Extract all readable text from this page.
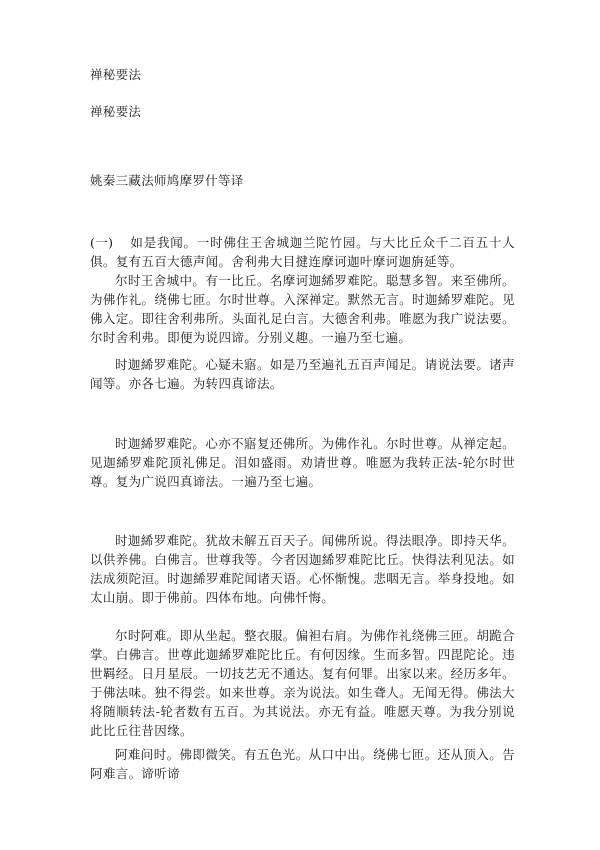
禅秘要法
禅秘要法
姚秦三藏法师鸠摩罗什等译

(一) 如是我闻。一时佛住王舍城迦兰陀竹园。与大比丘众千二百五十人俱。复有五百大德声闻。舍利弗大目揵连摩诃迦叶摩诃迦旃延等。

尔时王舍城中。有一比丘。名摩诃迦絺罗难陀。聪慧多智。来至佛所。为佛作礼。绕佛七匝。尔时世尊。入深禅定。默然无言。时迦絺罗难陀。见佛入定。即往舍利弗所。头面礼足白言。大德舍利弗。唯愿为我广说法要。尔时舍利弗。即便为说四谛。分别义趣。一遍乃至七遍。

时迦絺罗难陀。心疑未寤。如是乃至遍礼五百声闻足。请说法要。诸声闻等。亦各七遍。为转四真谛法。

时迦絺罗难陀。心亦不寤复还佛所。为佛作礼。尔时世尊。从禅定起。见迦絺罗难陀顶礼佛足。泪如盛雨。劝请世尊。唯愿为我转正法-轮尔时世尊。复为广说四真谛法。一遍乃至七遍。

时迦絺罗难陀。犹故未解五百天子。闻佛所说。得法眼净。即持天华。以供养佛。白佛言。世尊我等。今者因迦絺罗难陀比丘。快得法利见法。如法成须陀洹。时迦絺罗难陀闻诸天语。心怀惭愧。悲咽无言。举身投地。如太山崩。即于佛前。四体布地。向佛忏悔。

尔时阿难。即从坐起。整衣服。偏袒右肩。为佛作礼绕佛三匝。胡跪合掌。白佛言。世尊此迦絺罗难陀比丘。有何因缘。生而多智。四毘陀论。违世羁经。日月星辰。一切技艺无不通达。复有何罪。出家以来。经历多年。于佛法味。独不得尝。如来世尊。亲为说法。如生聋人。无闻无得。佛法大将随顺转法-轮者数有五百。为其说法。亦无有益。唯愿天尊。为我分别说此比丘往昔因缘。

阿难问时。佛即微笑。有五色光。从口中出。绕佛七匝。还从顶入。告阿难言。谛听谛
